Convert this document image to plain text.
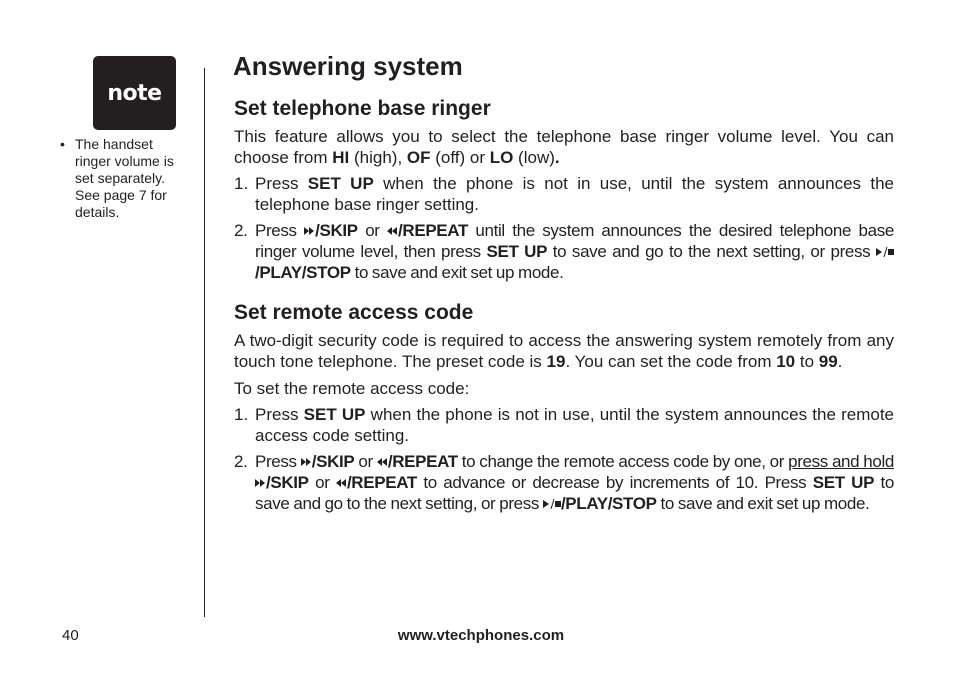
note
• The handset ringer volume is set separately. See page 7 for details.
Answering system
Set telephone base ringer

This feature allows you to select the telephone base ringer volume level. You can choose from HI (high), OF (off) or LO (low).

1. Press SET UP when the phone is not in use, until the system announces the telephone base ringer setting.
2. Press /SKIP or /REPEAT until the system announces the desired telephone base ringer volume level, then press SET UP to save and go to the next setting, or press /PLAY/STOP to save and exit set up mode.
Set remote access code

A two-digit security code is required to access the answering system remotely from any touch tone telephone. The preset code is 19. You can set the code from 10 to 99.

To set the remote access code:

1. Press SET UP when the phone is not in use, until the system announces the remote access code setting.
2. Press /SKIP or /REPEAT to change the remote access code by one, or press and hold /SKIP or /REPEAT to advance or decrease by increments of 10. Press SET UP to save and go to the next setting, or press /PLAY/STOP to save and exit set up mode.
40	www.vtechphones.com
